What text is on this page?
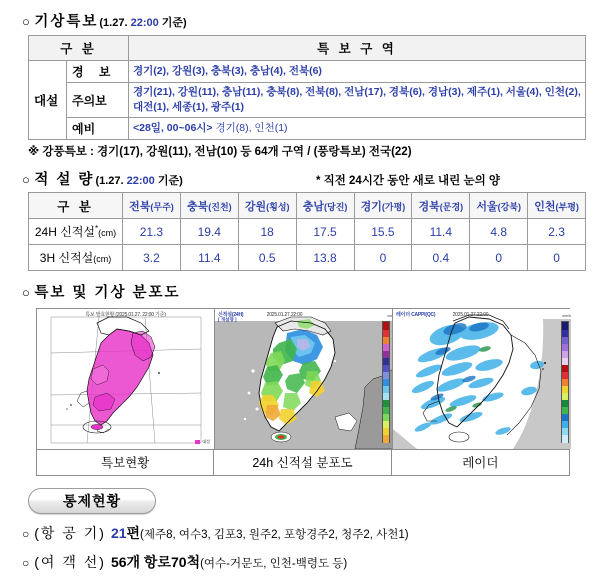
○ 기상특보 (1.27. 22:00 기준)
구 분		특 보 구 역
대설	경 보	경기(2), 강원(3), 충북(3), 충남(4), 전북(6)
	주의보	경기(21), 강원(11), 충남(11), 충북(8), 전북(8), 전남(17), 경북(6), 경남(3), 제주(1), 서울(4), 인천(2), 대전(1), 세종(1), 광주(1)
	예비	<28일, 00~06시> 경기(8), 인천(1)
※ 강풍특보 : 경기(17), 강원(11), 전남(10) 등 64개 구역 / (풍랑특보) 전국(22)
○ 적 설 량 (1.27. 22:00 기준)	* 직전 24시간 동안 새로 내린 눈의 양
구 분	전북(무주)	충북(진천)	강원(횡성)	충남(당진)	경기(가평)	경북(문경)	서울(강북)	인천(부평)
24H 신적설*(cm)	21.3	19.4	18	17.5	15.5	11.4	4.8	2.3
3H 신적설(cm)	3.2	11.4	0.5	13.8	0	0.4	0	0
○ 특보 및 기상 분포도
특보 발효현황 (2025.01.27. 22:00 기준)
대설
신적설(24H)	2025.01.27.22:00
[ 개설량 ]
cm 레이더 CAPPI(QC)	2025.01.27.22:00	mm/h
특보현황	24h 신적설 분포도	레이더
통제현황
○ (항 공 기) 21 편 (제주8, 여수3, 김포3, 원주2, 포항경주2, 청주2, 사천1)
○ (여 객 선) 56 개 항로 70 척 (여수-거문도, 인천-백령도 등)
